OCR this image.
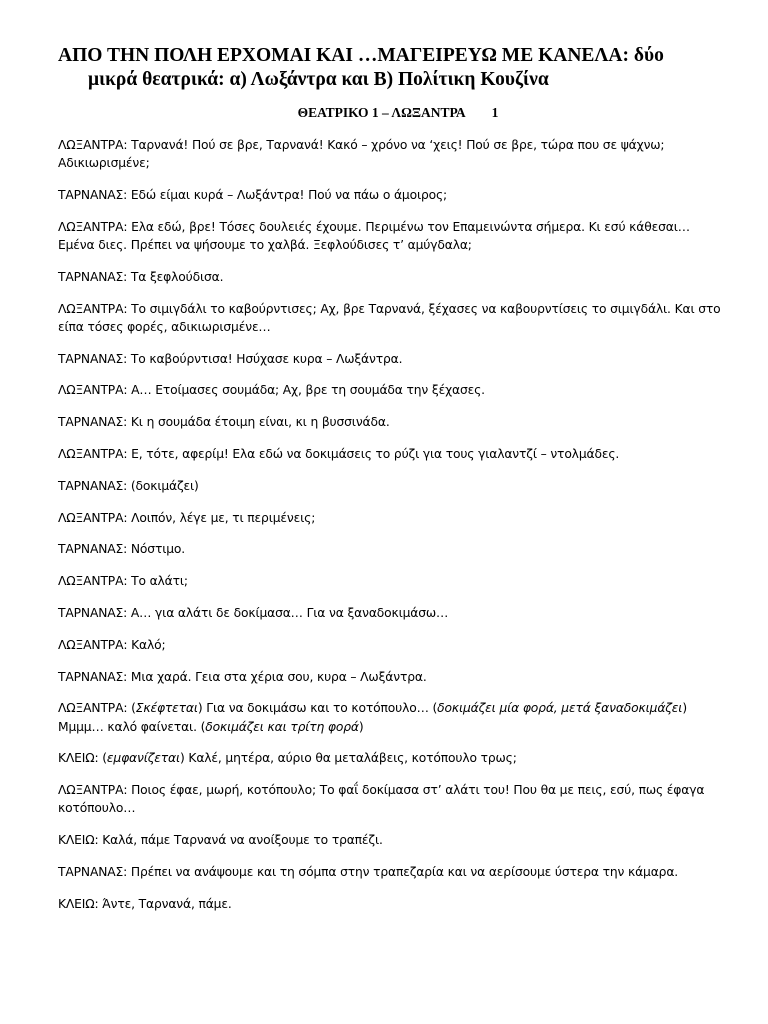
ΑΠΟ ΤΗΝ ΠΟΛΗ ΕΡΧΟΜΑΙ ΚΑΙ …ΜΑΓΕΙΡΕΥΩ ΜΕ ΚΑΝΕΛΑ: δύο
μικρά θεατρικά: α) Λωξάντρα και Β) Πολίτικη Κουζίνα
ΘΕΑΤΡΙΚΟ 1 – ΛΩΞΑΝΤΡΑ 1

ΛΩΞΑΝΤΡΑ: Ταρνανά! Πού σε βρε, Ταρνανά! Κακό – χρόνο να ‘χεις! Πού σε βρε, τώρα που σε ψάχνω; Αδικιωρισμένε;

ΤΑΡΝΑΝΑΣ: Εδώ είμαι κυρά – Λωξάντρα! Πού να πάω ο άμοιρος;

ΛΩΞΑΝΤΡΑ: Ελα εδώ, βρε! Τόσες δουλειές έχουμε. Περιμένω τον Επαμεινώντα σήμερα. Κι εσύ κάθεσαι… Εμένα διες. Πρέπει να ψήσουμε το χαλβά. Ξεφλούδισες τ’ αμύγδαλα;

ΤΑΡΝΑΝΑΣ: Τα ξεφλούδισα.

ΛΩΞΑΝΤΡΑ: Το σιμιγδάλι το καβούρντισες; Αχ, βρε Ταρνανά, ξέχασες να καβουρντίσεις το σιμιγδάλι. Και στο είπα τόσες φορές, αδικιωρισμένε…

ΤΑΡΝΑΝΑΣ: Το καβούρντισα! Ησύχασε κυρα – Λωξάντρα.

ΛΩΞΑΝΤΡΑ: Α… Ετοίμασες σουμάδα; Αχ, βρε τη σουμάδα την ξέχασες.

ΤΑΡΝΑΝΑΣ: Κι η σουμάδα έτοιμη είναι, κι η βυσσινάδα.

ΛΩΞΑΝΤΡΑ: Ε, τότε, αφερίμ! Ελα εδώ να δοκιμάσεις το ρύζι για τους γιαλαντζί – ντολμάδες.

ΤΑΡΝΑΝΑΣ: (δοκιμάζει)

ΛΩΞΑΝΤΡΑ: Λοιπόν, λέγε με, τι περιμένεις;

ΤΑΡΝΑΝΑΣ: Νόστιμο.

ΛΩΞΑΝΤΡΑ: Το αλάτι;

ΤΑΡΝΑΝΑΣ: Α… για αλάτι δε δοκίμασα… Για να ξαναδοκιμάσω…

ΛΩΞΑΝΤΡΑ: Καλό;

ΤΑΡΝΑΝΑΣ: Μια χαρά. Γεια στα χέρια σου, κυρα – Λωξάντρα.

ΛΩΞΑΝΤΡΑ: (Σκέφτεται) Για να δοκιμάσω και το κοτόπουλο… (δοκιμάζει μία φορά, μετά ξαναδοκιμάζει) Μμμμ… καλό φαίνεται. (δοκιμάζει και τρίτη φορά)

ΚΛΕΙΩ: (εμφανίζεται) Καλέ, μητέρα, αύριο θα μεταλάβεις, κοτόπουλο τρως;

ΛΩΞΑΝΤΡΑ: Ποιος έφαε, μωρή, κοτόπουλο; Το φαΐ δοκίμασα στ’ αλάτι του! Που θα με πεις, εσύ, πως έφαγα κοτόπουλο…

ΚΛΕΙΩ: Καλά, πάμε Ταρνανά να ανοίξουμε το τραπέζι.

ΤΑΡΝΑΝΑΣ: Πρέπει να ανάψουμε και τη σόμπα στην τραπεζαρία και να αερίσουμε ύστερα την κάμαρα.

ΚΛΕΙΩ: Άντε, Ταρνανά, πάμε.
